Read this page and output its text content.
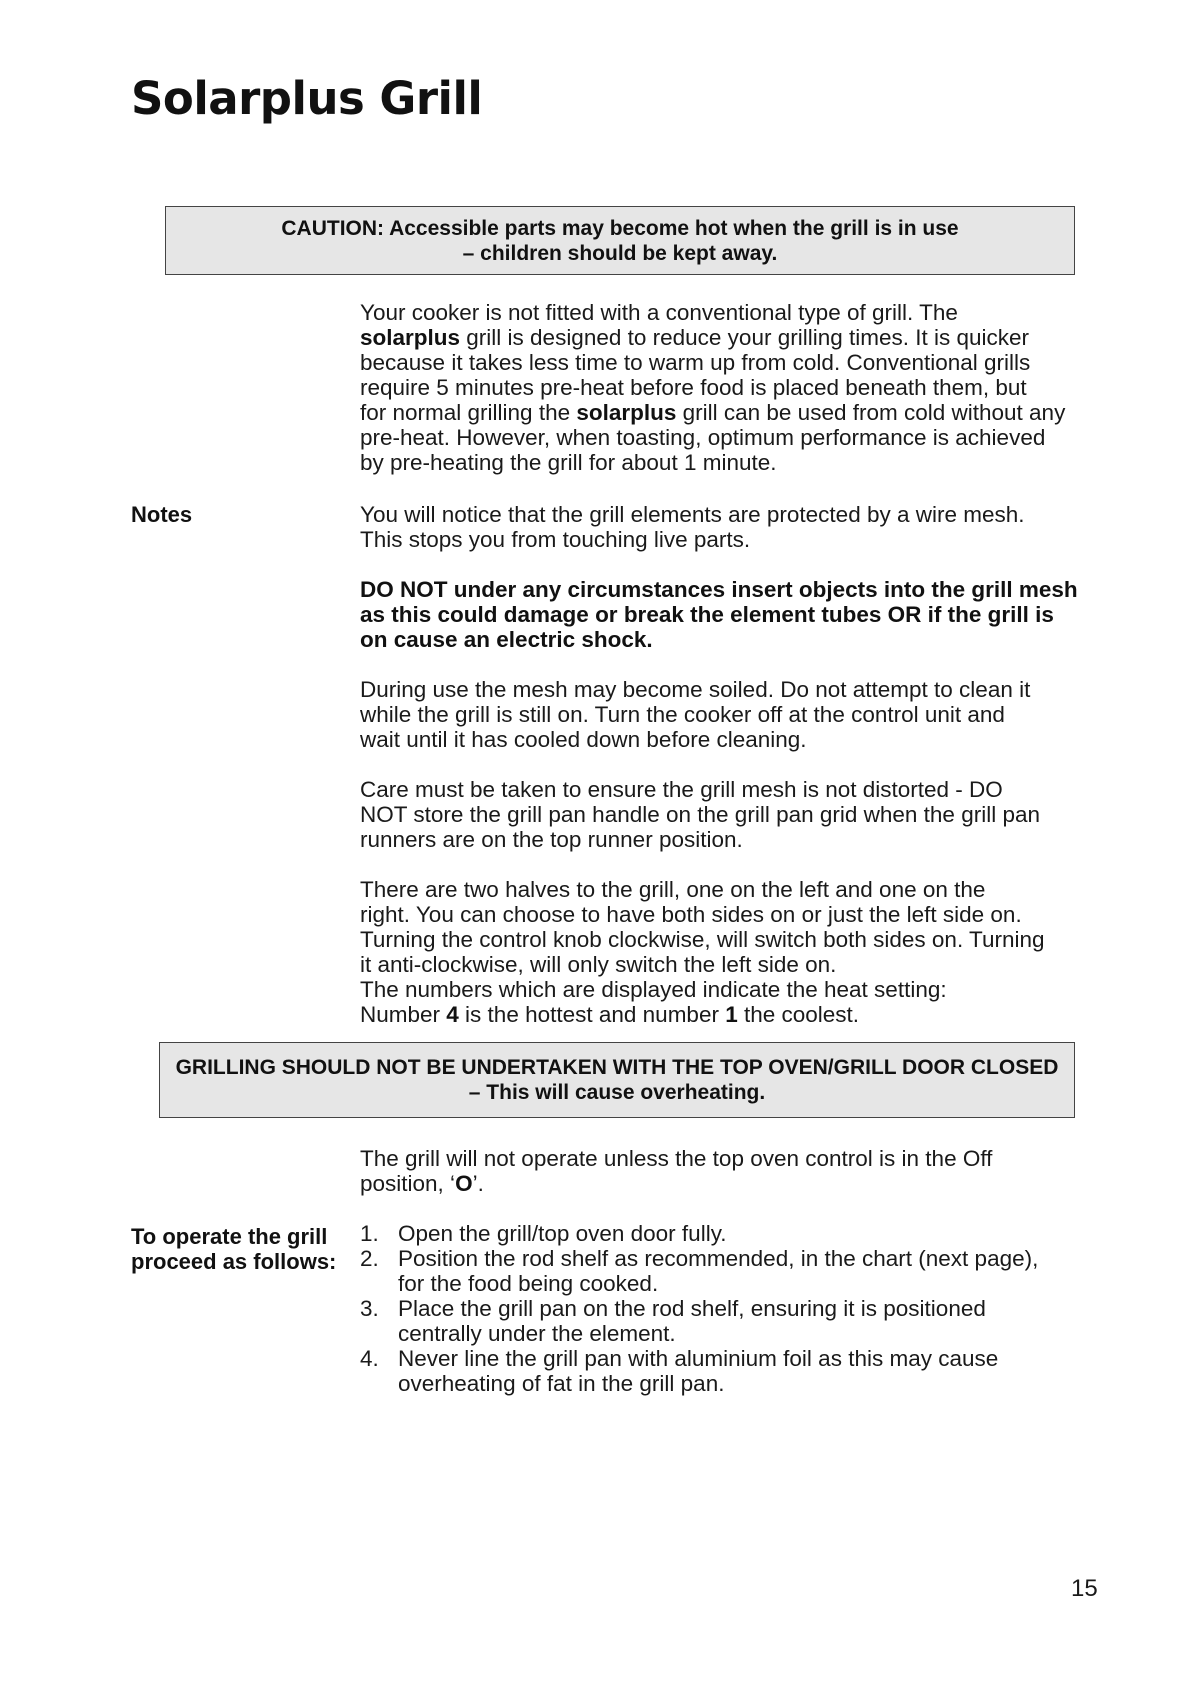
Solarplus Grill
CAUTION: Accessible parts may become hot when the grill is in use
– children should be kept away.
Your cooker is not fitted with a conventional type of grill. The
solarplus grill is designed to reduce your grilling times. It is quicker
because it takes less time to warm up from cold. Conventional grills
require 5 minutes pre-heat before food is placed beneath them, but
for normal grilling the solarplus grill can be used from cold without any
pre-heat. However, when toasting, optimum performance is achieved
by pre-heating the grill for about 1 minute.
Notes	You will notice that the grill elements are protected by a wire mesh.
This stops you from touching live parts.
DO NOT under any circumstances insert objects into the grill mesh
as this could damage or break the element tubes OR if the grill is
on cause an electric shock.
During use the mesh may become soiled. Do not attempt to clean it
while the grill is still on. Turn the cooker off at the control unit and
wait until it has cooled down before cleaning.
Care must be taken to ensure the grill mesh is not distorted - DO
NOT store the grill pan handle on the grill pan grid when the grill pan
runners are on the top runner position.
There are two halves to the grill, one on the left and one on the
right. You can choose to have both sides on or just the left side on.
Turning the control knob clockwise, will switch both sides on. Turning
it anti-clockwise, will only switch the left side on.
The numbers which are displayed indicate the heat setting:
Number 4 is the hottest and number 1 the coolest.
GRILLING SHOULD NOT BE UNDERTAKEN WITH THE TOP OVEN/GRILL DOOR CLOSED
– This will cause overheating.
The grill will not operate unless the top oven control is in the Off
position, ‘O’.
To operate the grill
proceed as follows:
1. Open the grill/top oven door fully.
2. Position the rod shelf as recommended, in the chart (next page),
for the food being cooked.
3. Place the grill pan on the rod shelf, ensuring it is positioned
centrally under the element.
4. Never line the grill pan with aluminium foil as this may cause
overheating of fat in the grill pan.
15
